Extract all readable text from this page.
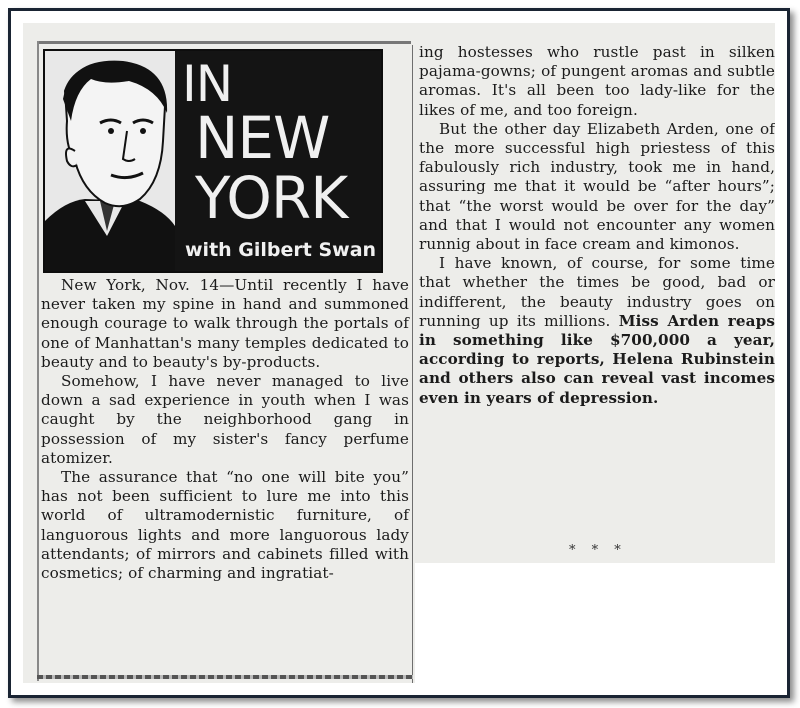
IN
NEW
YORK
with Gilbert Swan

New York, Nov. 14—Until recently I have never taken my spine in hand and summoned enough courage to walk through the portals of one of Manhattan's many temples dedicated to beauty and to beauty's by-products.

Somehow, I have never managed to live down a sad experience in youth when I was caught by the neighborhood gang in possession of my sister's fancy perfume atomizer.

The assurance that “no one will bite you” has not been sufficient to lure me into this world of ultramodernistic furniture, of languorous lights and more languorous lady attendants; of mirrors and cabinets filled with cosmetics; of charming and ingratiat-

ing hostesses who rustle past in silken pajama-gowns; of pungent aromas and subtle aromas. It's all been too lady-like for the likes of me, and too foreign.

But the other day Elizabeth Arden, one of the more successful high priestess of this fabulously rich industry, took me in hand, assuring me that it would be “after hours”; that “the worst would be over for the day” and that I would not encounter any women runnig about in face cream and kimonos.

I have known, of course, for some time that whether the times be good, bad or indifferent, the beauty industry goes on running up its millions. Miss Arden reaps in something like $700,000 a year, according to reports, Helena Rubinstein and others also can reveal vast incomes even in years of depression.

* * *
